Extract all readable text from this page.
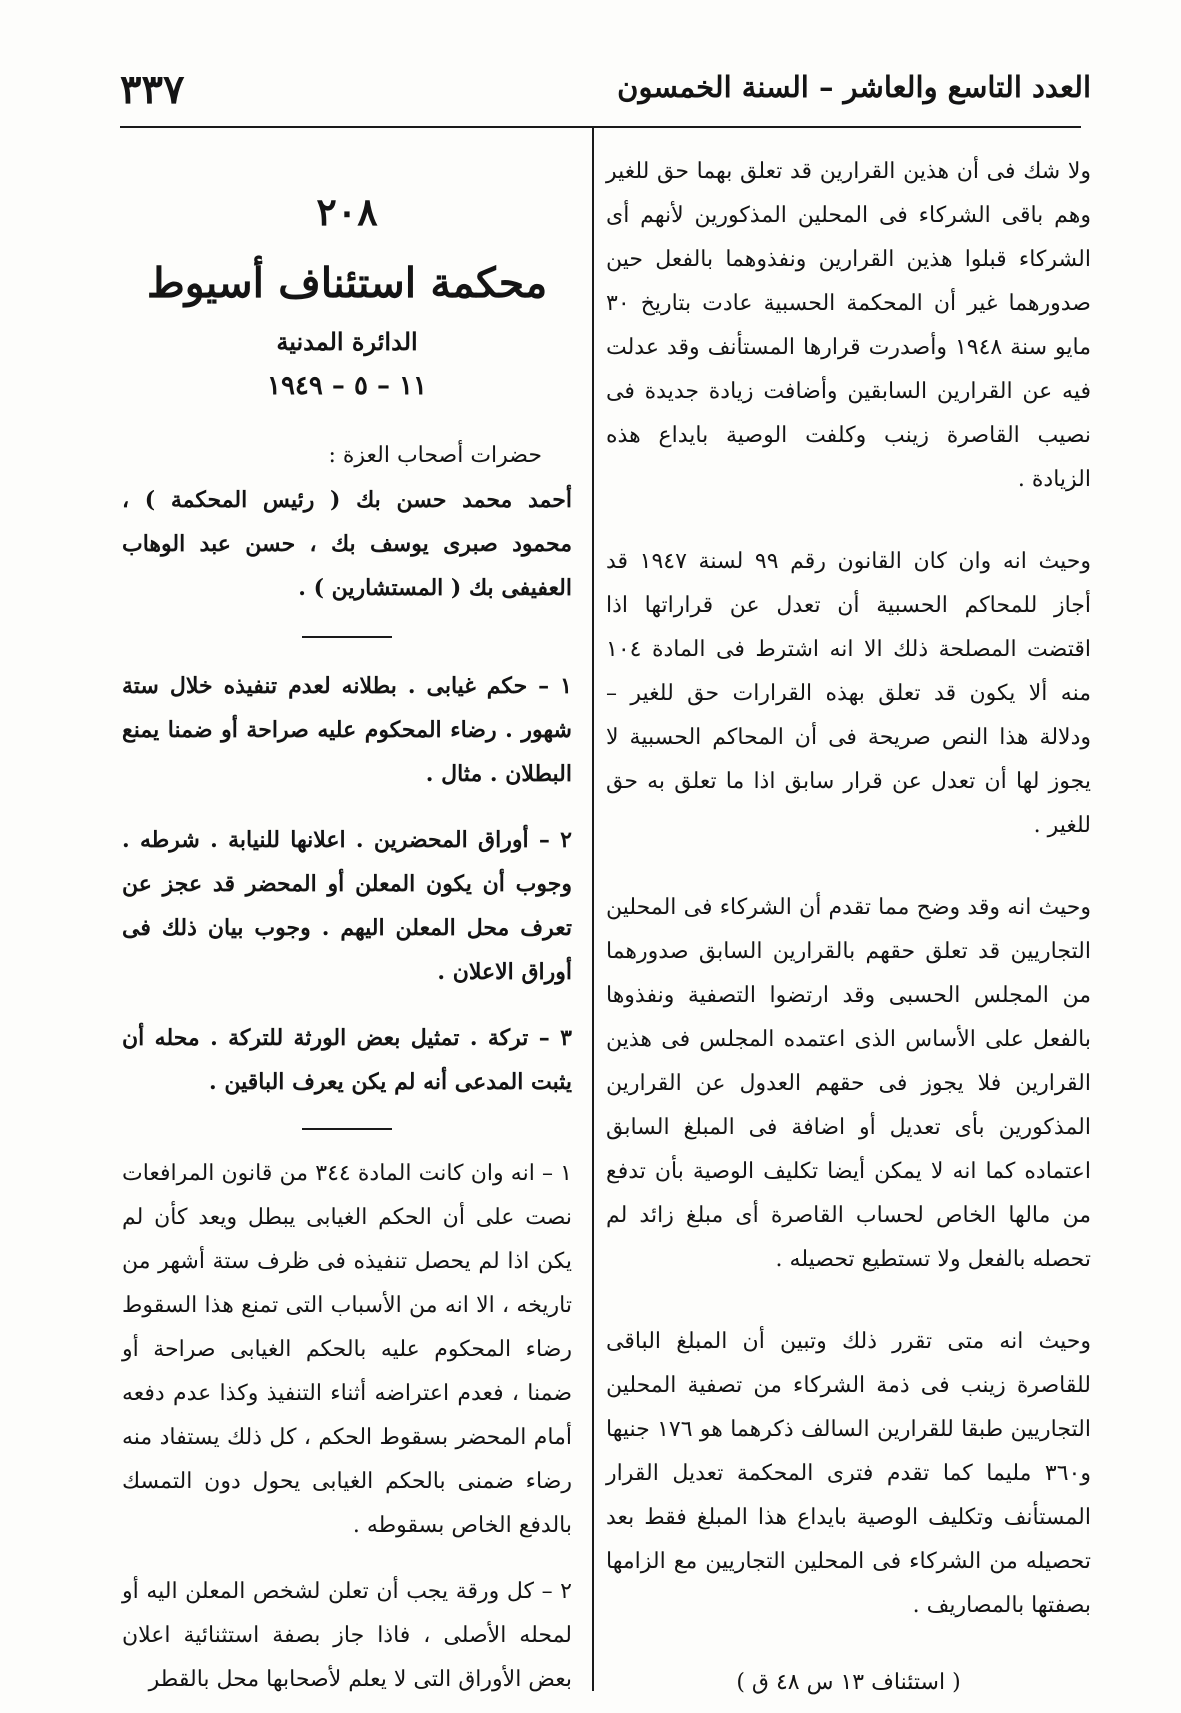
العدد التاسع والعاشر – السنة الخمسون
٣٣٧

ولا شك فى أن هذين القرارين قد تعلق بهما حق للغير وهم باقى الشركاء فى المحلين المذكورين لأنهم أى الشركاء قبلوا هذين القرارين ونفذوهما بالفعل حين صدورهما غير أن المحكمة الحسبية عادت بتاريخ ٣٠ مايو سنة ١٩٤٨ وأصدرت قرارها المستأنف وقد عدلت فيه عن القرارين السابقين وأضافت زيادة جديدة فى نصيب القاصرة زينب وكلفت الوصية بايداع هذه الزيادة .

وحيث انه وان كان القانون رقم ٩٩ لسنة ١٩٤٧ قد أجاز للمحاكم الحسبية أن تعدل عن قراراتها اذا اقتضت المصلحة ذلك الا انه اشترط فى المادة ١٠٤ منه ألا يكون قد تعلق بهذه القرارات حق للغير – ودلالة هذا النص صريحة فى أن المحاكم الحسبية لا يجوز لها أن تعدل عن قرار سابق اذا ما تعلق به حق للغير .

وحيث انه وقد وضح مما تقدم أن الشركاء فى المحلين التجاريين قد تعلق حقهم بالقرارين السابق صدورهما من المجلس الحسبى وقد ارتضوا التصفية ونفذوها بالفعل على الأساس الذى اعتمده المجلس فى هذين القرارين فلا يجوز فى حقهم العدول عن القرارين المذكورين بأى تعديل أو اضافة فى المبلغ السابق اعتماده كما انه لا يمكن أيضا تكليف الوصية بأن تدفع من مالها الخاص لحساب القاصرة أى مبلغ زائد لم تحصله بالفعل ولا تستطيع تحصيله .

وحيث انه متى تقرر ذلك وتبين أن المبلغ الباقى للقاصرة زينب فى ذمة الشركاء من تصفية المحلين التجاريين طبقا للقرارين السالف ذكرهما هو ١٧٦ جنيها و٣٦٠ مليما كما تقدم فترى المحكمة تعديل القرار المستأنف وتكليف الوصية بايداع هذا المبلغ فقط بعد تحصيله من الشركاء فى المحلين التجاريين مع الزامها بصفتها بالمصاريف .

( استئناف ١٣ س ٤٨ ق )

٢٠٨
محكمة استئناف أسيوط
الدائرة المدنية
١١ – ٥ – ١٩٤٩
حضرات أصحاب العزة :

أحمد محمد حسن بك ( رئيس المحكمة ) ، محمود صبرى يوسف بك ، حسن عبد الوهاب العفيفى بك ( المستشارين ) .

١ – حكم غيابى . بطلانه لعدم تنفيذه خلال ستة شهور . رضاء المحكوم عليه صراحة أو ضمنا يمنع البطلان . مثال .

٢ – أوراق المحضرين . اعلانها للنيابة . شرطه . وجوب أن يكون المعلن أو المحضر قد عجز عن تعرف محل المعلن اليهم . وجوب بيان ذلك فى أوراق الاعلان .

٣ – تركة . تمثيل بعض الورثة للتركة . محله أن يثبت المدعى أنه لم يكن يعرف الباقين .

١ – انه وان كانت المادة ٣٤٤ من قانون المرافعات نصت على أن الحكم الغيابى يبطل ويعد كأن لم يكن اذا لم يحصل تنفيذه فى ظرف ستة أشهر من تاريخه ، الا انه من الأسباب التى تمنع هذا السقوط رضاء المحكوم عليه بالحكم الغيابى صراحة أو ضمنا ، فعدم اعتراضه أثناء التنفيذ وكذا عدم دفعه أمام المحضر بسقوط الحكم ، كل ذلك يستفاد منه رضاء ضمنى بالحكم الغيابى يحول دون التمسك بالدفع الخاص بسقوطه .

٢ – كل ورقة يجب أن تعلن لشخص المعلن اليه أو لمحله الأصلى ، فاذا جاز بصفة استثنائية اعلان بعض الأوراق التى لا يعلم لأصحابها محل بالقطر
